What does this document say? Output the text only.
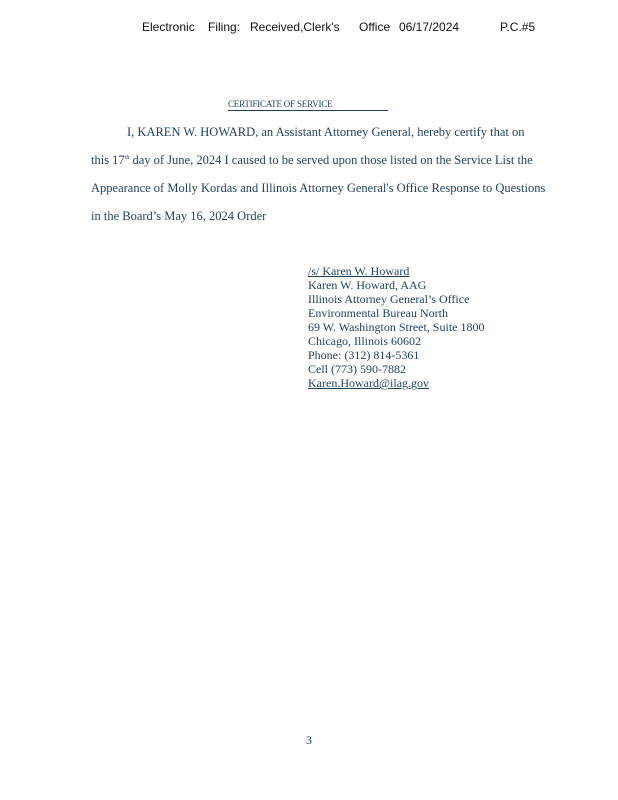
Electronic Filing: Received,Clerk's Office 06/17/2024	P.C.#5
CERTIFICATE OF SERVICE
I, KAREN W. HOWARD, an Assistant Attorney General, hereby certify that on
this 17th day of June, 2024 I caused to be served upon those listed on the Service List the
Appearance of Molly Kordas and Illinois Attorney General's Office Response to Questions
in the Board’s May 16, 2024 Order
/s/ Karen W. Howard
Karen W. Howard, AAG
Illinois Attorney General’s Office
Environmental Bureau North
69 W. Washington Street, Suite 1800
Chicago, Illinois 60602
Phone: (312) 814-5361
Cell (773) 590-7882
Karen.Howard@ilag.gov
3
